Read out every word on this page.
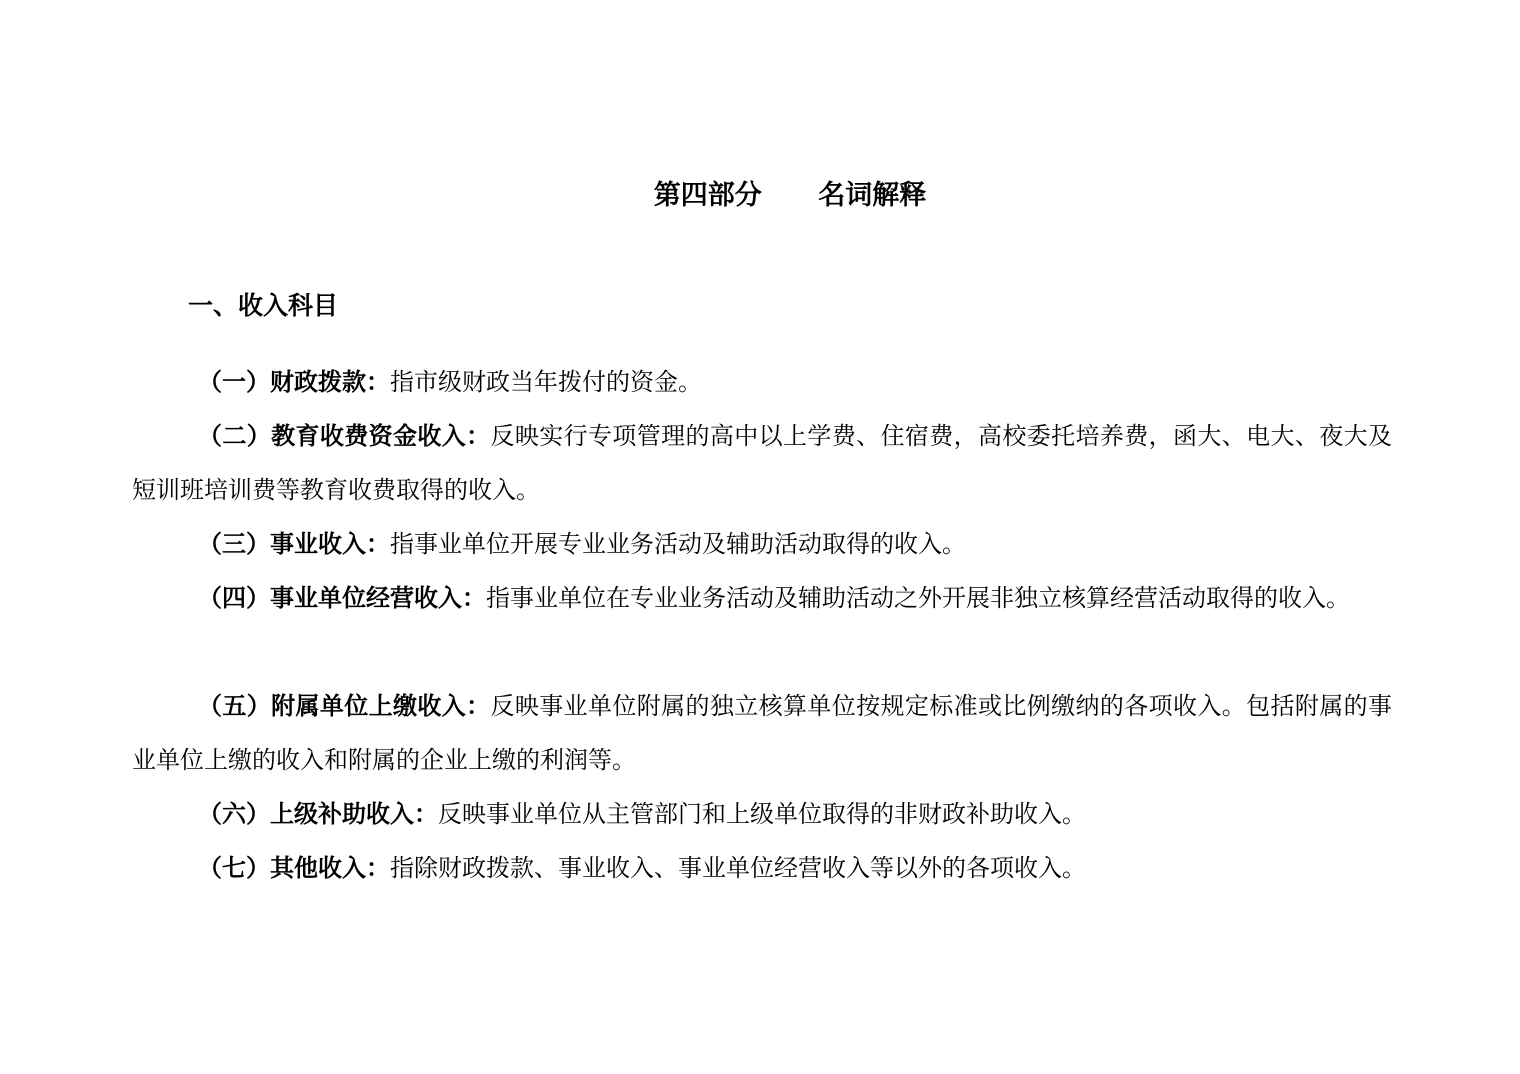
第四部分      名词解释
一、收入科目

（一）财政拨款：指市级财政当年拨付的资金。

（二）教育收费资金收入：反映实行专项管理的高中以上学费、住宿费，高校委托培养费，函大、电大、夜大及短训班培训费等教育收费取得的收入。

（三）事业收入：指事业单位开展专业业务活动及辅助活动取得的收入。

（四）事业单位经营收入：指事业单位在专业业务活动及辅助活动之外开展非独立核算经营活动取得的收入。

（五）附属单位上缴收入：反映事业单位附属的独立核算单位按规定标准或比例缴纳的各项收入。包括附属的事业单位上缴的收入和附属的企业上缴的利润等。

（六）上级补助收入：反映事业单位从主管部门和上级单位取得的非财政补助收入。

（七）其他收入：指除财政拨款、事业收入、事业单位经营收入等以外的各项收入。
